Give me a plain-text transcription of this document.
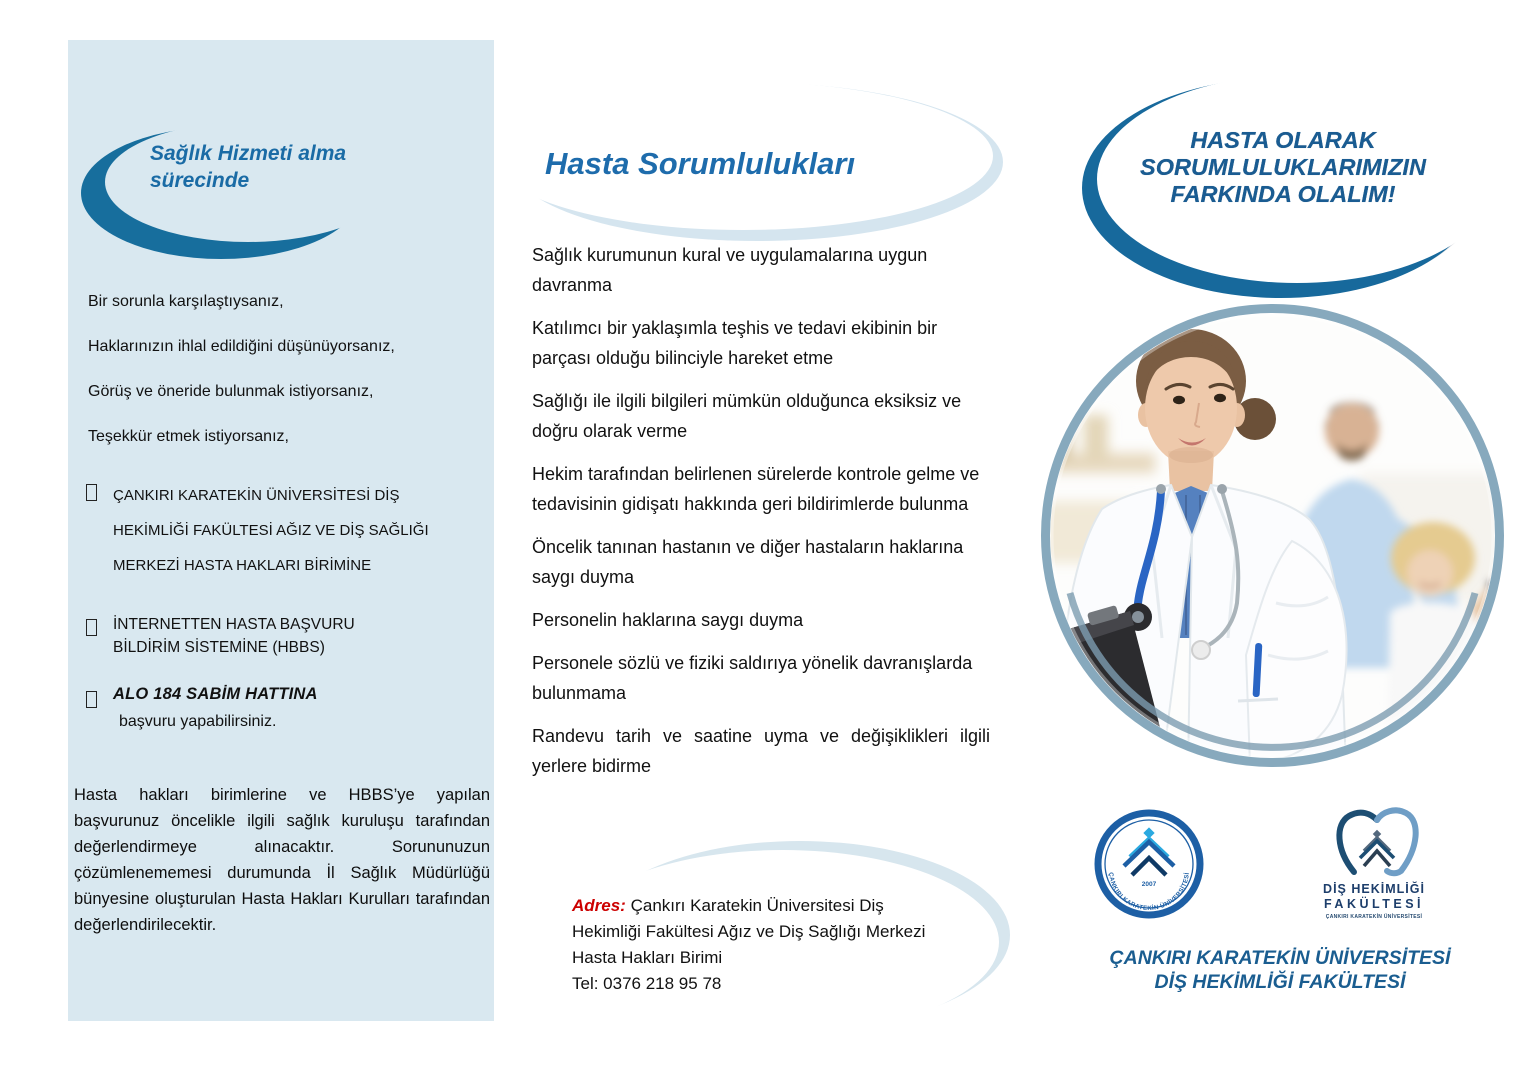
Sağlık Hizmeti alma sürecinde

Bir sorunla karşılaştıysanız,

Haklarınızın ihlal edildiğini düşünüyorsanız,

Görüş ve öneride bulunmak istiyorsanız,

Teşekkür etmek istiyorsanız,

ÇANKIRI KARATEKİN ÜNİVERSİTESİ DİŞ HEKİMLİĞİ FAKÜLTESİ AĞIZ VE DİŞ SAĞLIĞI MERKEZİ HASTA HAKLARI BİRİMİNE
İNTERNETTEN HASTA BAŞVURU BİLDİRİM SİSTEMİNE (HBBS)
ALO 184 SABİM HATTINA
başvuru yapabilirsiniz.
Hasta hakları birimlerine ve HBBS’ye yapılan başvurunuz öncelikle ilgili sağlık kuruluşu tarafından değerlendirmeye alınacaktır. Sorununuzun çözümlenememesi durumunda İl Sağlık Müdürlüğü bünyesine oluşturulan Hasta Hakları Kurulları tarafından değerlendirilecektir.
Hasta Sorumlulukları

Sağlık kurumunun kural ve uygulamalarına uygun davranma

Katılımcı bir yaklaşımla teşhis ve tedavi ekibinin bir parçası olduğu bilinciyle hareket etme

Sağlığı ile ilgili bilgileri mümkün olduğunca eksiksiz ve doğru olarak verme

Hekim tarafından belirlenen sürelerde kontrole gelme ve tedavisinin gidişatı hakkında geri bildirimlerde bulunma

Öncelik tanınan hastanın ve diğer hastaların haklarına saygı duyma

Personelin haklarına saygı duyma

Personele sözlü ve fiziki saldırıya yönelik davranışlarda bulunmama

Randevu tarih ve saatine uyma ve değişiklikleri ilgili yerlere bidirme

Adres: Çankırı Karatekin Üniversitesi Diş
Hekimliği Fakültesi Ağız ve Diş Sağlığı Merkezi
Hasta Hakları Birimi
Tel: 0376 218 95 78
HASTA OLARAK
SORUMLULUKLARIMIZIN
FARKINDA OLALIM!
2007
ÇANKIRI KARATEKİN ÜNİVERSİTESİ
DİŞ HEKİMLİĞİ
FAKÜLTESİ
ÇANKIRI KARATEKİN ÜNİVERSİTESİ
ÇANKIRI KARATEKİN ÜNİVERSİTESİ
DİŞ HEKİMLİĞİ FAKÜLTESİ
